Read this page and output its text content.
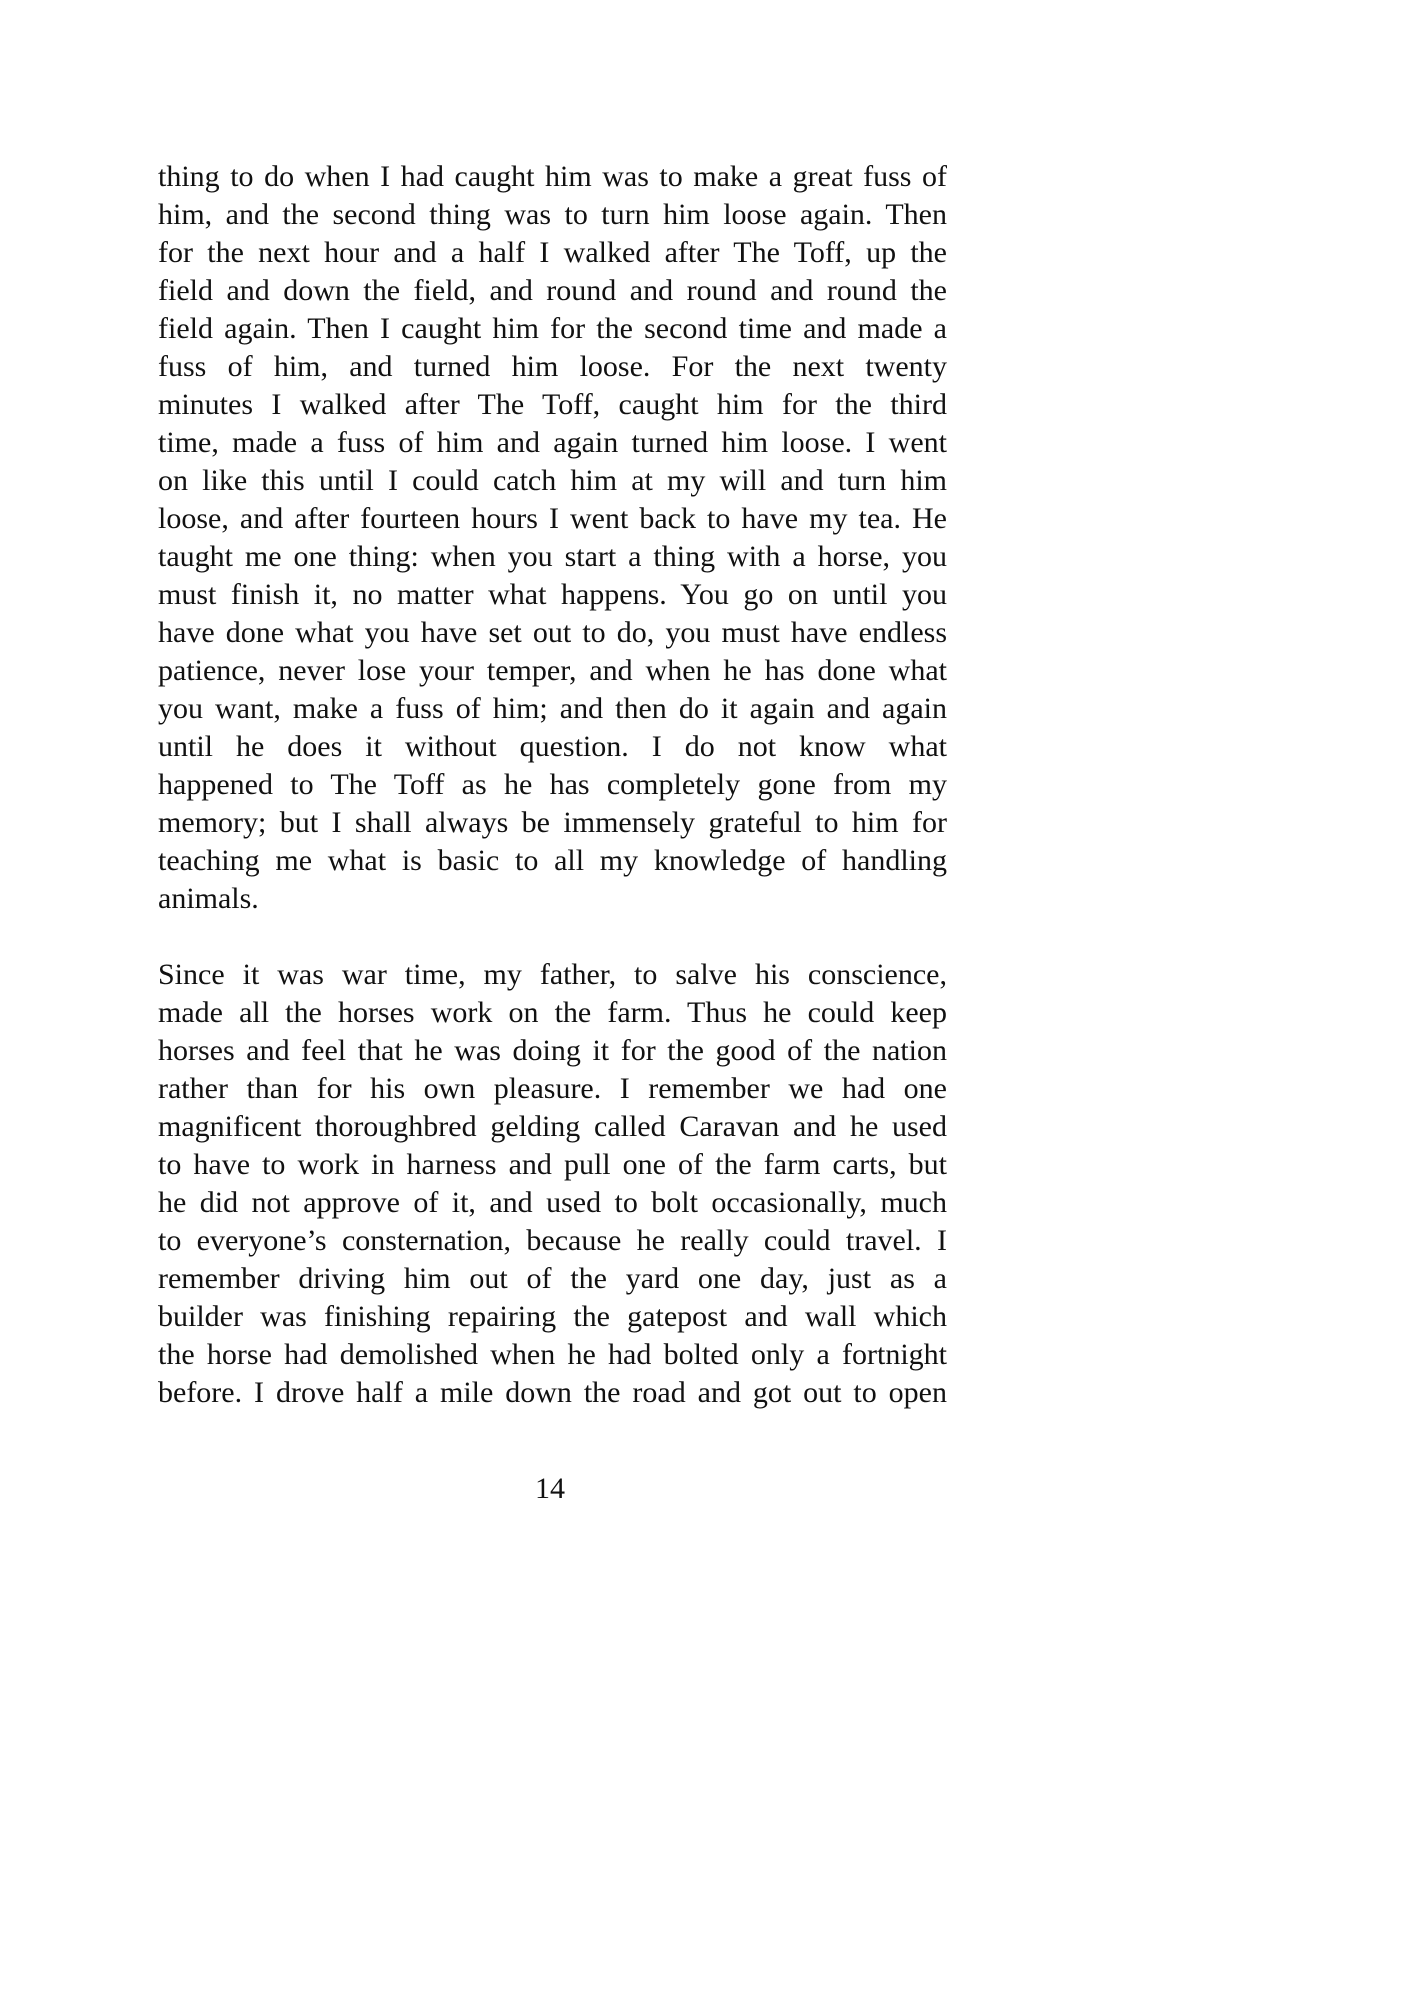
thing to do when I had caught him was to make a great fuss of
him, and the second thing was to turn him loose again. Then
for the next hour and a half I walked after The Toff, up the
field and down the field, and round and round and round the
field again. Then I caught him for the second time and made a
fuss of him, and turned him loose. For the next twenty
minutes I walked after The Toff, caught him for the third
time, made a fuss of him and again turned him loose. I went
on like this until I could catch him at my will and turn him
loose, and after fourteen hours I went back to have my tea. He
taught me one thing: when you start a thing with a horse, you
must finish it, no matter what happens. You go on until you
have done what you have set out to do, you must have endless
patience, never lose your temper, and when he has done what
you want, make a fuss of him; and then do it again and again
until he does it without question. I do not know what
happened to The Toff as he has completely gone from my
memory; but I shall always be immensely grateful to him for
teaching me what is basic to all my knowledge of handling
animals.
Since it was war time, my father, to salve his conscience,
made all the horses work on the farm. Thus he could keep
horses and feel that he was doing it for the good of the nation
rather than for his own pleasure. I remember we had one
magnificent thoroughbred gelding called Caravan and he used
to have to work in harness and pull one of the farm carts, but
he did not approve of it, and used to bolt occasionally, much
to everyone’s consternation, because he really could travel. I
remember driving him out of the yard one day, just as a
builder was finishing repairing the gatepost and wall which
the horse had demolished when he had bolted only a fortnight
before. I drove half a mile down the road and got out to open
14
